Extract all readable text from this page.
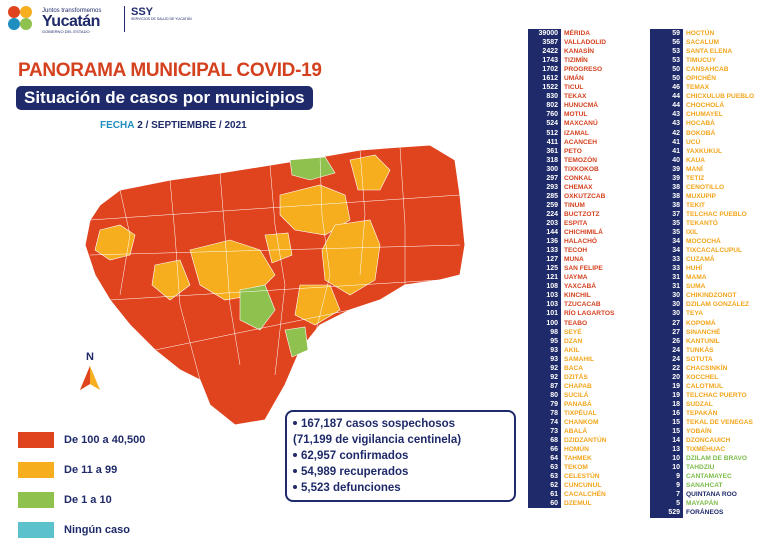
Juntos transformemos
Yucatán
GOBIERNO DEL ESTADO
SSY
SERVICIOS DE SALUD DE YUCATÁN
PANORAMA MUNICIPAL COVID-19
Situación de casos por municipios
FECHA 2 / SEPTIEMBRE / 2021
N
De 100 a 40,500
De 11 a 99
De 1 a 10
Ningún caso
167,187 casos sospechosos
(71,199 de vigilancia centinela)
62,957 confirmados
54,989 recuperados
5,523 defunciones
39000 MÉRIDA
3587 VALLADOLID
2422 KANASÍN
1743 TIZIMÍN
1702 PROGRESO
1612 UMÁN
1522 TICUL
830 TEKAX
802 HUNUCMÁ
760 MOTUL
524 MAXCANÚ
512 IZAMAL
411 ACANCEH
361 PETO
318 TEMOZÓN
300 TIXKOKOB
297 CONKAL
293 CHEMAX
285 OXKUTZCAB
259 TINUM
224 BUCTZOTZ
203 ESPITA
144 CHICHIMILÁ
136 HALACHÓ
133 TECOH
127 MUNA
125 SAN FELIPE
121 UAYMA
108 YAXCABÁ
103 KINCHIL
103 TZUCACAB
101 RÍO LAGARTOS
100 TEABO
98 SEYÉ
95 DZAN
93 AKIL
93 SAMAHIL
92 BACA
92 DZITÁS
87 CHAPAB
80 SUCILÁ
79 PANABÁ
78 TIXPÉUAL
74 CHANKOM
73 ABALÁ
68 DZIDZANTÚN
66 HOMÚN
64 TAHMEK
63 TEKOM
63 CELESTÚN
62 CUNCUNUL
61 CACALCHÉN
60 DZEMUL
59 HOCTÚN
56 SACALUM
53 SANTA ELENA
53 TIMUCUY
50 CANSAHCAB
50 OPICHÉN
46 TEMAX
44 CHICXULUB PUEBLO
44 CHOCHOLÁ
43 CHUMAYEL
43 HOCABÁ
42 BOKOBÁ
41 UCÚ
41 YAXKUKUL
40 KAUA
39 MANÍ
39 TETIZ
38 CENOTILLO
38 MUXUPIP
38 TEKIT
37 TELCHAC PUEBLO
35 TEKANTÓ
35 IXIL
34 MOCOCHÁ
34 TIXCACALCUPUL
33 CUZAMÁ
33 HUHÍ
31 MAMA
31 SUMA
30 CHIKINDZONOT
30 DZILAM GONZÁLEZ
30 TEYA
27 KOPOMÁ
27 SINANCHÉ
26 KANTUNIL
24 TUNKÁS
24 SOTUTA
22 CHACSINKÍN
20 XOCCHEL
19 CALOTMUL
19 TELCHAC PUERTO
18 SUDZAL
16 TEPAKÁN
15 TEKAL DE VENEGAS
15 YOBAÍN
14 DZONCAUICH
13 TIXMÉHUAC
10 DZILAM DE BRAVO
10 TAHDZIU
9 CANTAMAYEC
9 SANAHCAT
7 QUINTANA ROO
5 MAYAPÁN
529 FORÁNEOS
